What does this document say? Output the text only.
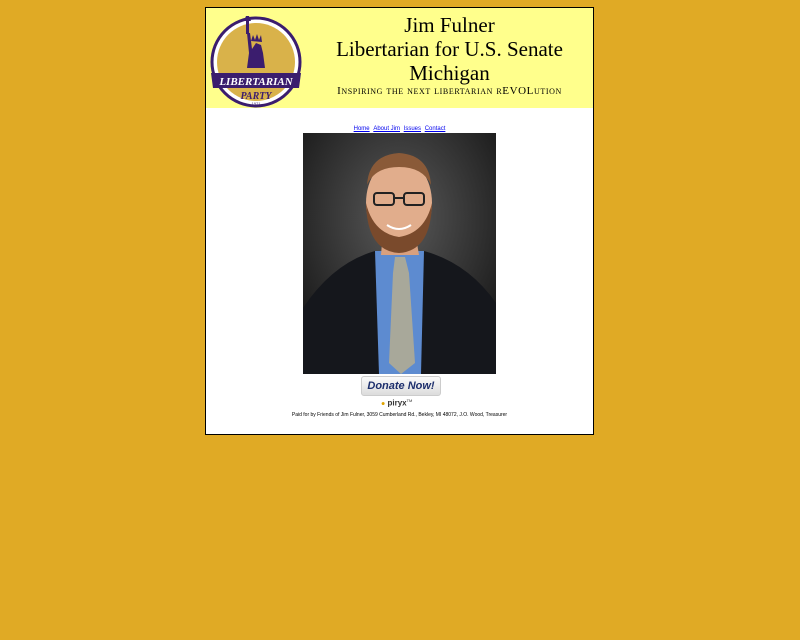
LIBERTARIAN
PARTY
1971
Jim Fulner
Libertarian for U.S. Senate
Michigan
Inspiring the next libertarian rEVOLution
Home About Jim Issues Contact
Donate Now!
● piryx™
Paid for by Friends of Jim Fulner, 3059 Cumberland Rd., Bekley, MI 48072, J.O. Wood, Treasurer
